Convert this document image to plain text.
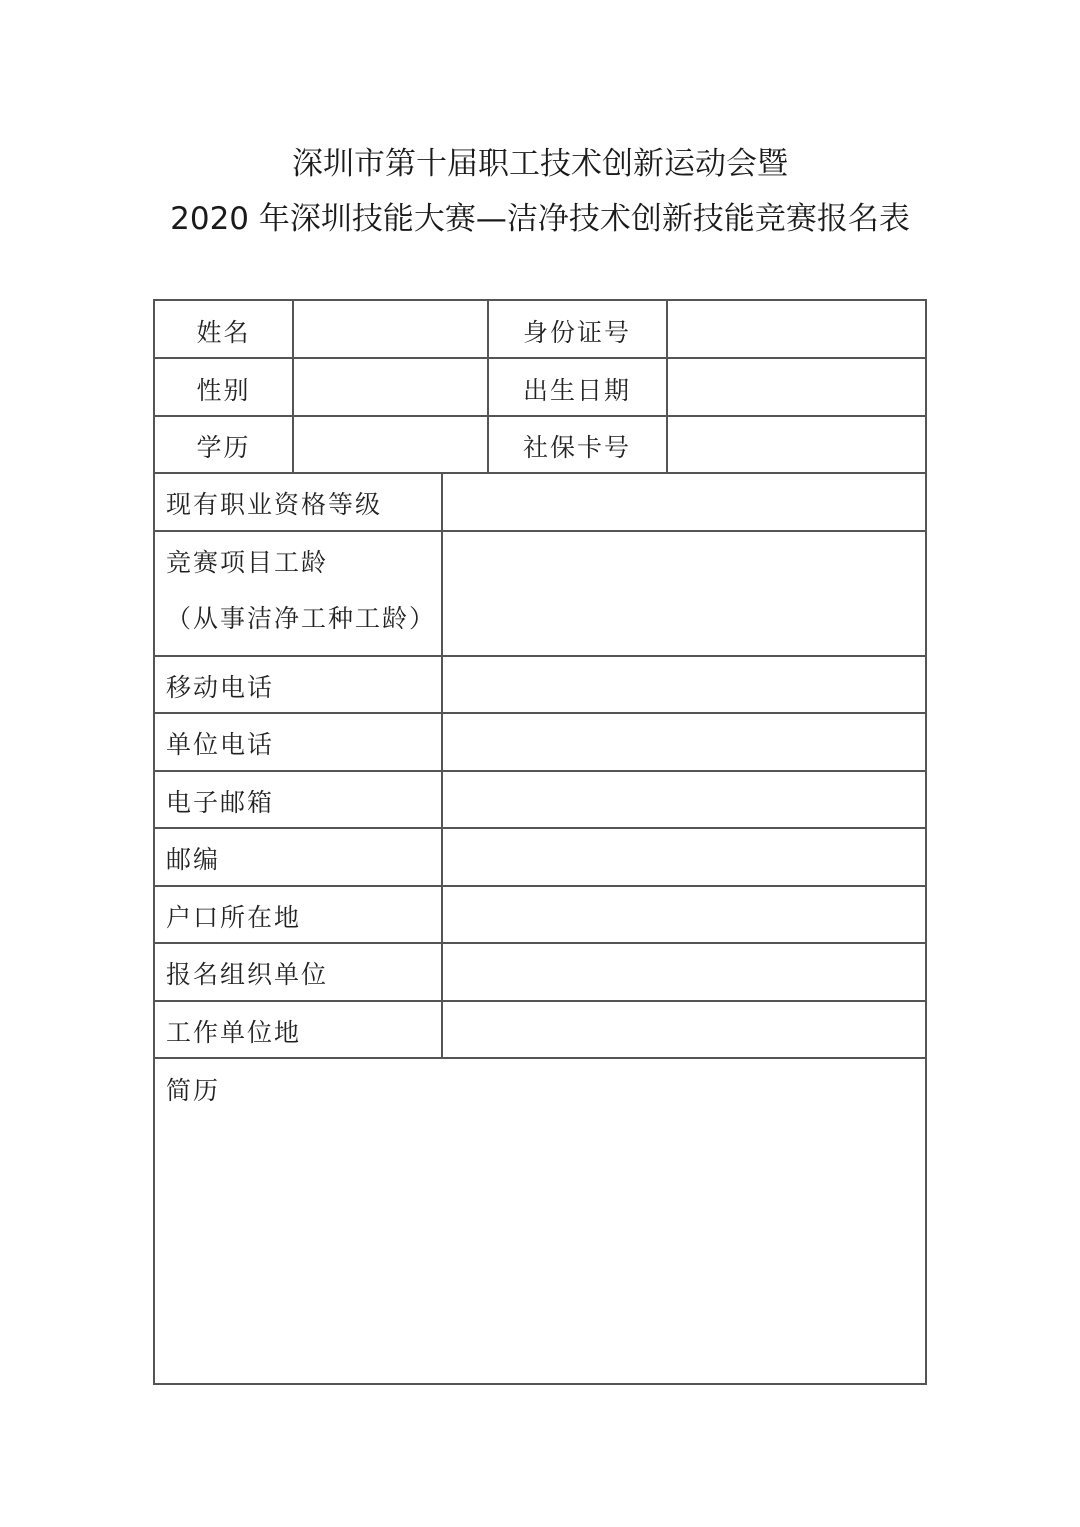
深圳市第十届职工技术创新运动会暨
2020 年深圳技能大赛—洁净技术创新技能竞赛报名表
姓名	身份证号
性别	出生日期
学历	社保卡号
现有职业资格等级
竞赛项目工龄
（从事洁净工种工龄）
移动电话
单位电话
电子邮箱
邮编
户口所在地
报名组织单位
工作单位地
简历
